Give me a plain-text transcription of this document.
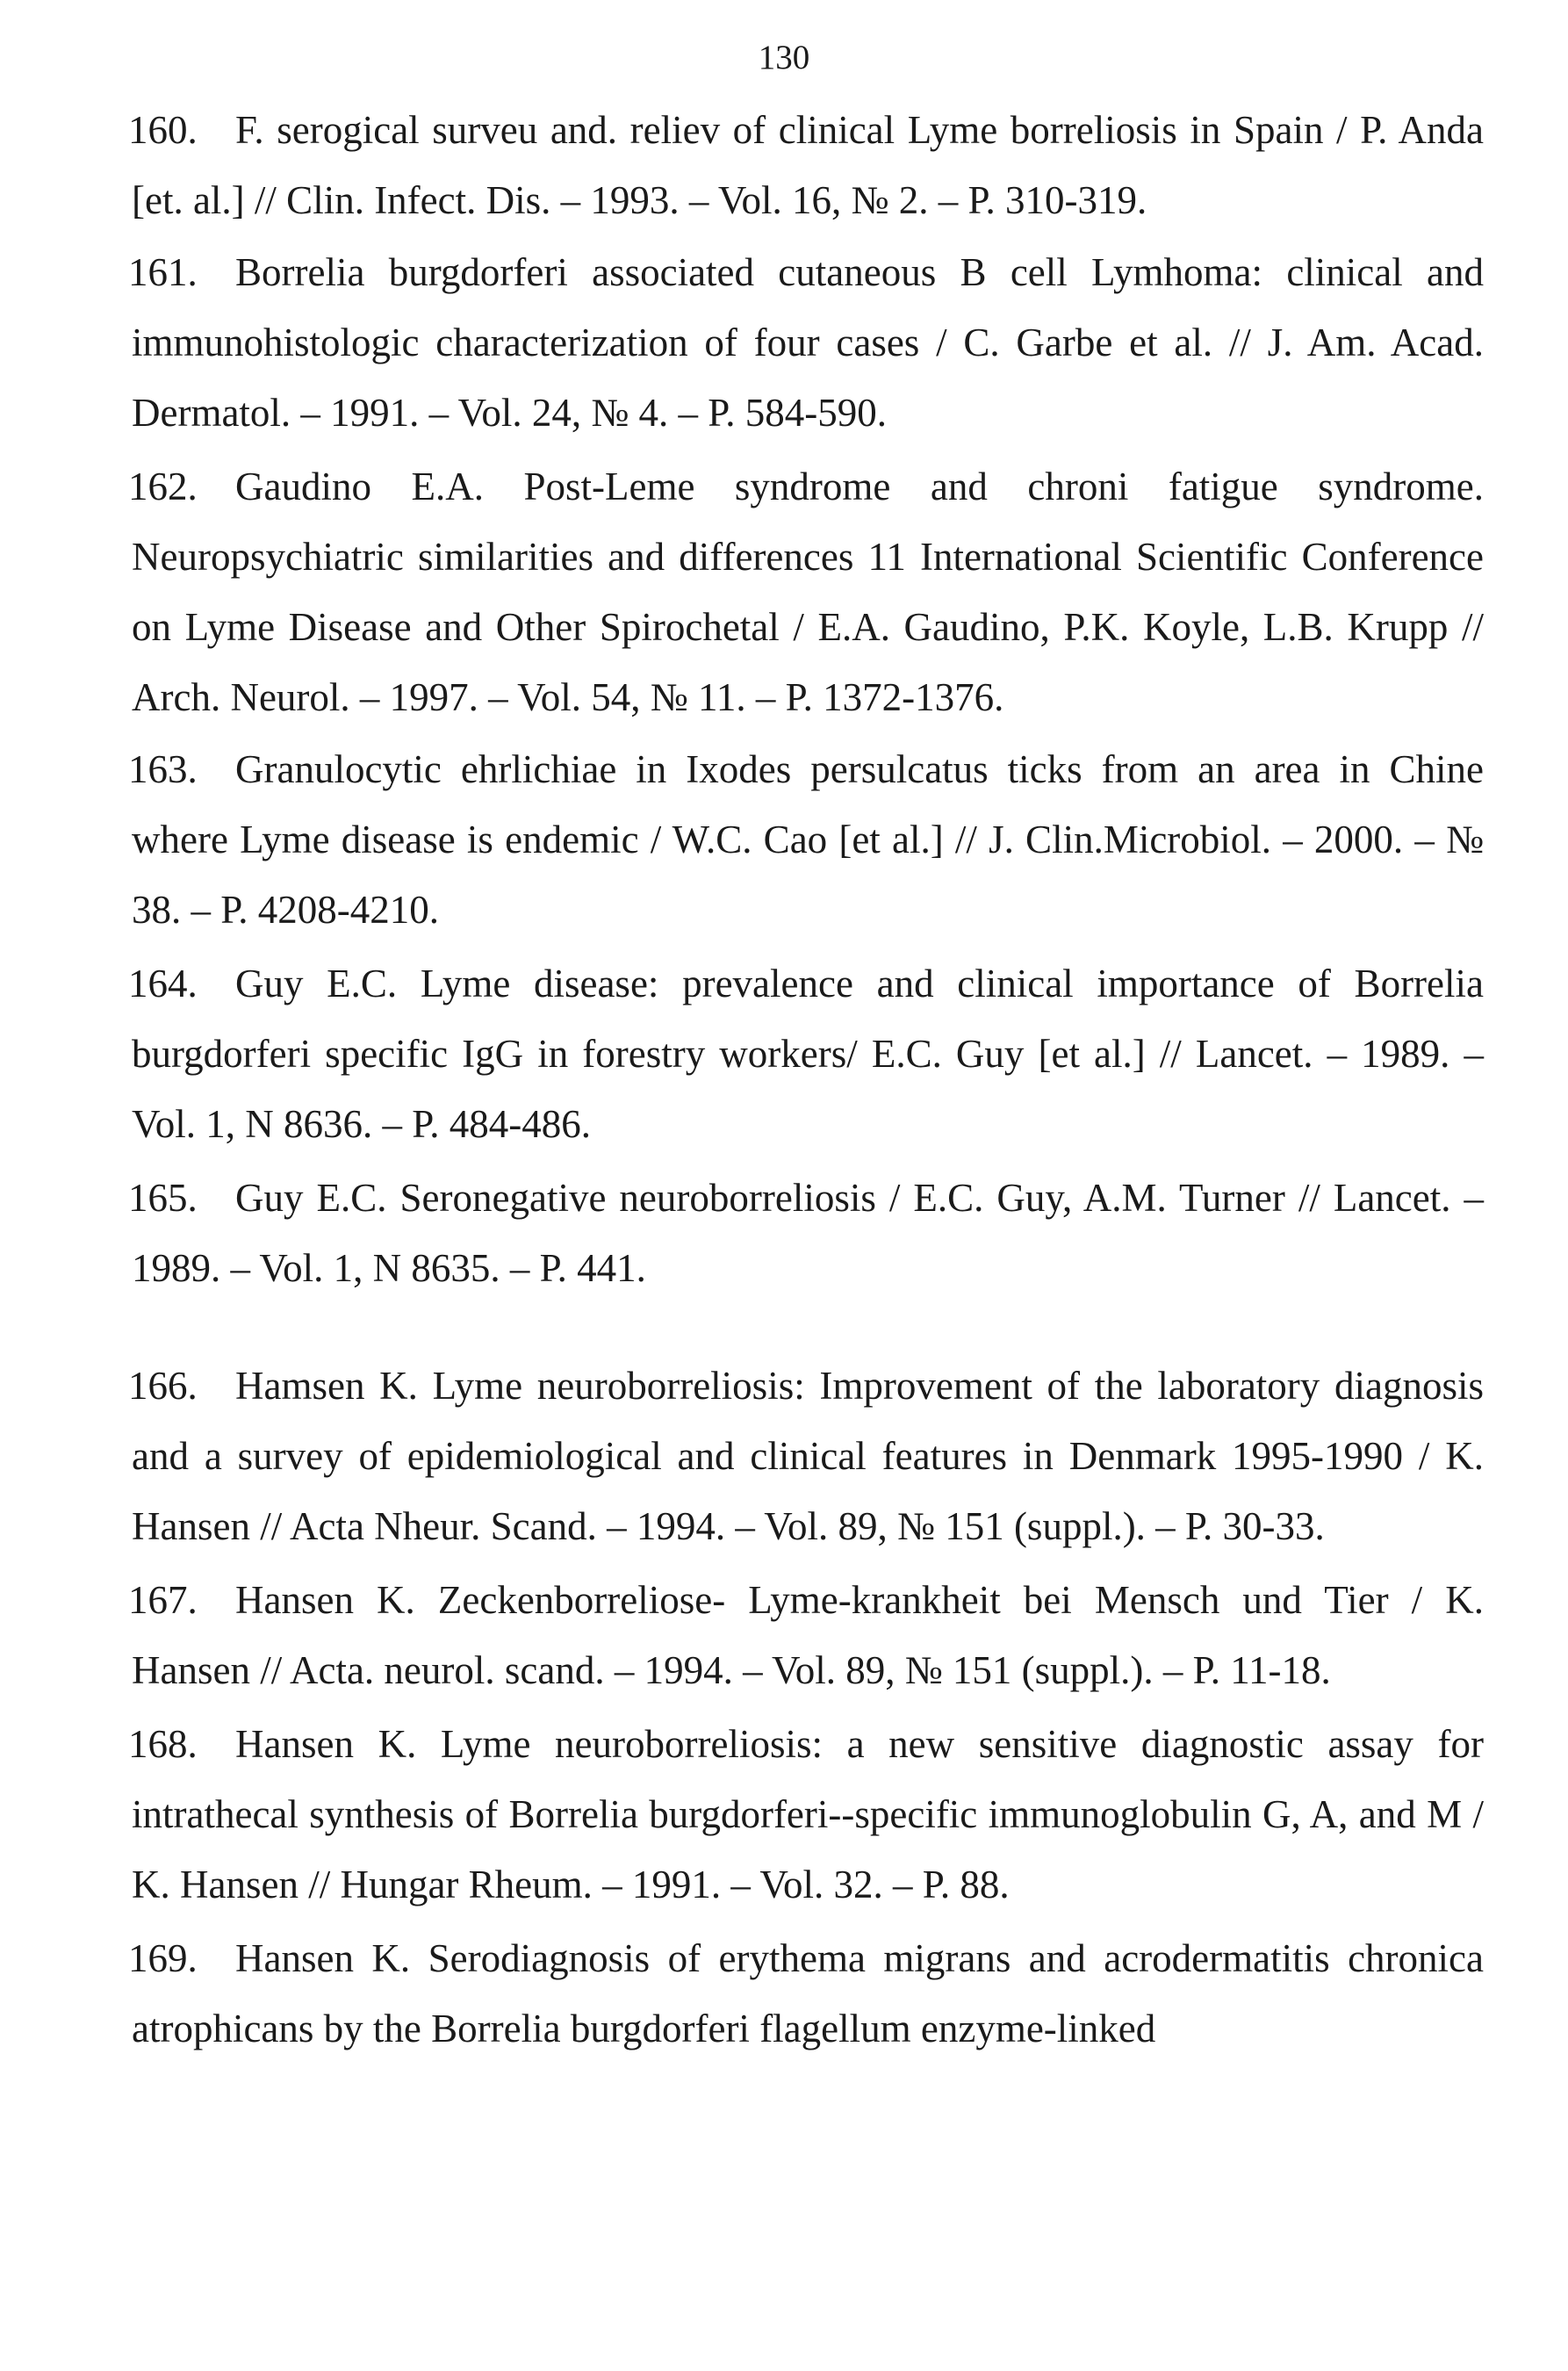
130

160. F. serogical surveu and. reliev of clinical Lyme borreliosis in Spain / P. Anda [et. al.] // Clin. Infect. Dis. – 1993. – Vol. 16, № 2. – P. 310-319.

161. Borrelia burgdorferi associated cutaneous B cell Lymhoma: clinical and immunohistologic characterization of four cases / C. Garbe et al. // J. Am. Acad. Dermatol. – 1991. – Vol. 24, № 4. – P. 584-590.

162. Gaudino E.A. Post-Leme syndrome and chroni fatigue syndrome. Neuropsychiatric similarities and differences 11 International Scientific Conference on Lyme Disease and Other Spirochetal / E.A. Gaudino, P.K. Koyle, L.B. Krupp // Arch. Neurol. – 1997. – Vol. 54, № 11. – P. 1372-1376.

163. Granulocytic ehrlichiae in Ixodes persulcatus ticks from an area in Chine where Lyme disease is endemic / W.C. Cao [et al.] // J. Clin.Microbiol. – 2000. – № 38. – P. 4208-4210.

164. Guy E.C. Lyme disease: prevalence and clinical importance of Borrelia burgdorferi specific IgG in forestry workers/ E.C. Guy [et al.] // Lancet. – 1989. – Vol. 1, N 8636. – P. 484-486.

165. Guy E.C. Seronegative neuroborreliosis / E.C. Guy, A.M. Turner // Lancet. – 1989. – Vol. 1, N 8635. – P. 441.

166. Hamsen K. Lyme neuroborreliosis: Improvement of the laboratory diagnosis and a survey of epidemiological and clinical features in Denmark 1995-1990 / K. Hansen // Acta Nheur. Scand. – 1994. – Vol. 89, № 151 (suppl.). – P. 30-33.

167. Hansen K. Zeckenborreliose- Lyme-krankheit bei Mensch und Tier / K. Hansen // Acta. neurol. scand. – 1994. – Vol. 89, № 151 (suppl.). – P. 11-18.

168. Hansen K. Lyme neuroborreliosis: a new sensitive diagnostic assay for intrathecal synthesis of Borrelia burgdorferi--specific immunoglobulin G, A, and M / K. Hansen // Hungar Rheum. – 1991. – Vol. 32. – P. 88.

169. Hansen K. Serodiagnosis of erythema migrans and acrodermatitis chronica atrophicans by the Borrelia burgdorferi flagellum enzyme-linked
